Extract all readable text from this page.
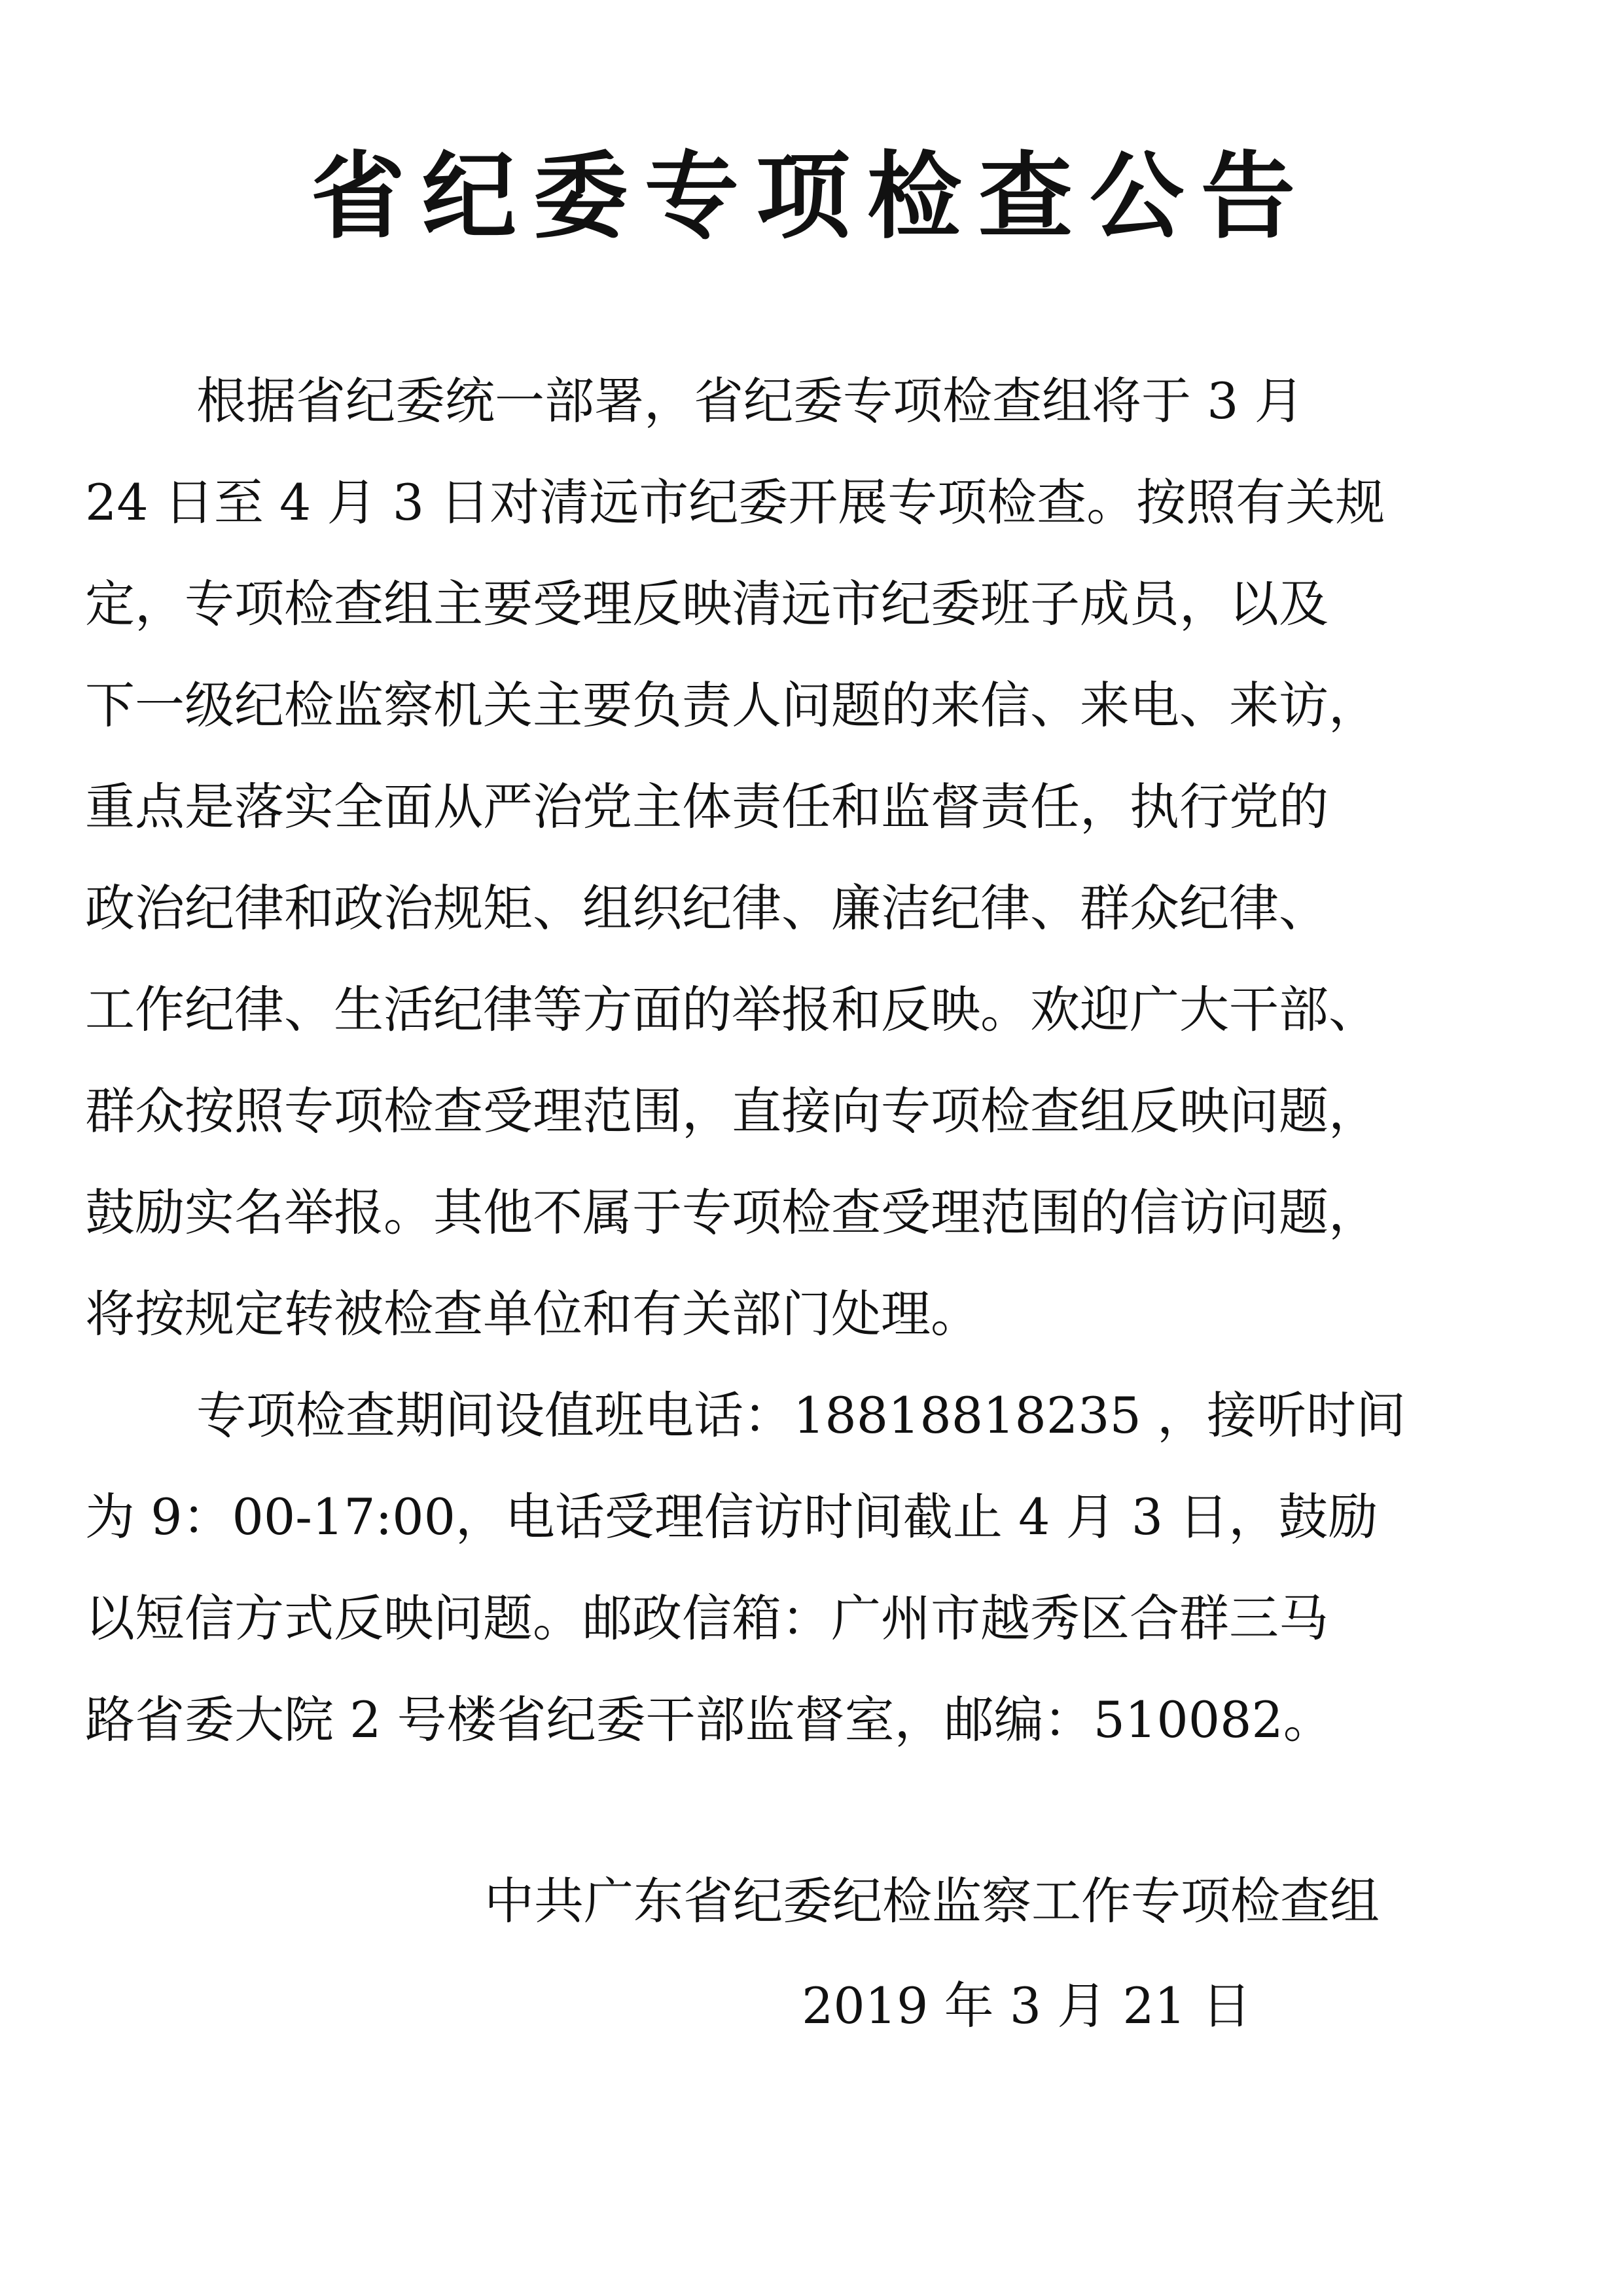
省纪委专项检查公告
根据省纪委统一部署，省纪委专项检查组将于 3 月
24 日至 4 月 3 日对清远市纪委开展专项检查。按照有关规
定，专项检查组主要受理反映清远市纪委班子成员，以及
下一级纪检监察机关主要负责人问题的来信、来电、来访，
重点是落实全面从严治党主体责任和监督责任，执行党的
政治纪律和政治规矩、组织纪律、廉洁纪律、群众纪律、
工作纪律、生活纪律等方面的举报和反映。欢迎广大干部、
群众按照专项检查受理范围，直接向专项检查组反映问题，
鼓励实名举报。其他不属于专项检查受理范围的信访问题，
将按规定转被检查单位和有关部门处理。
专项检查期间设值班电话：18818818235 ，接听时间
为 9：00-17:00，电话受理信访时间截止 4 月 3 日，鼓励
以短信方式反映问题。邮政信箱：广州市越秀区合群三马
路省委大院 2 号楼省纪委干部监督室，邮编：510082。
中共广东省纪委纪检监察工作专项检查组
2019 年 3 月 21 日
